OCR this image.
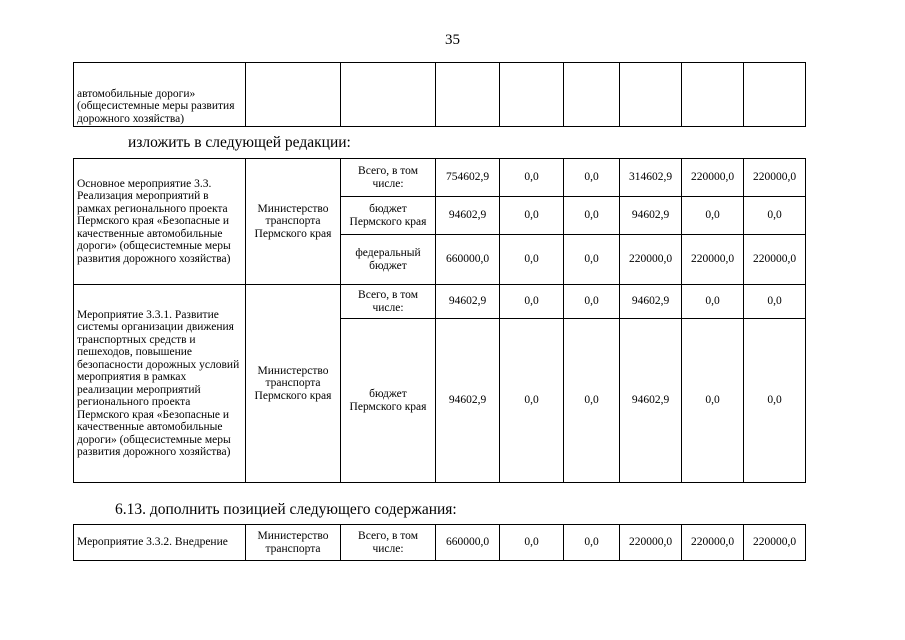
35
автомобильные дороги» (общесистемные меры развития дорожного хозяйства)								
изложить в следующей редакции:
Основное мероприятие 3.3. Реализация мероприятий в рамках регионального проекта Пермского края «Безопасные и качественные автомобильные дороги» (общесистемные меры развития дорожного хозяйства)	Министерство транспорта Пермского края	Всего, в том числе:	754602,9	0,0	0,0	314602,9	220000,0	220000,0
		бюджет Пермского края	94602,9	0,0	0,0	94602,9	0,0	0,0
		федеральный бюджет	660000,0	0,0	0,0	220000,0	220000,0	220000,0
Мероприятие 3.3.1. Развитие системы организации движения транспортных средств и пешеходов, повышение безопасности дорожных условий мероприятия в рамках реализации мероприятий регионального проекта Пермского края «Безопасные и качественные автомобильные дороги» (общесистемные меры развития дорожного хозяйства)	Министерство транспорта Пермского края	Всего, в том числе:	94602,9	0,0	0,0	94602,9	0,0	0,0
		бюджет Пермского края	94602,9	0,0	0,0	94602,9	0,0	0,0
6.13. дополнить позицией следующего содержания:
Мероприятие 3.3.2. Внедрение	Министерство транспорта	Всего, в том числе:	660000,0	0,0	0,0	220000,0	220000,0	220000,0
